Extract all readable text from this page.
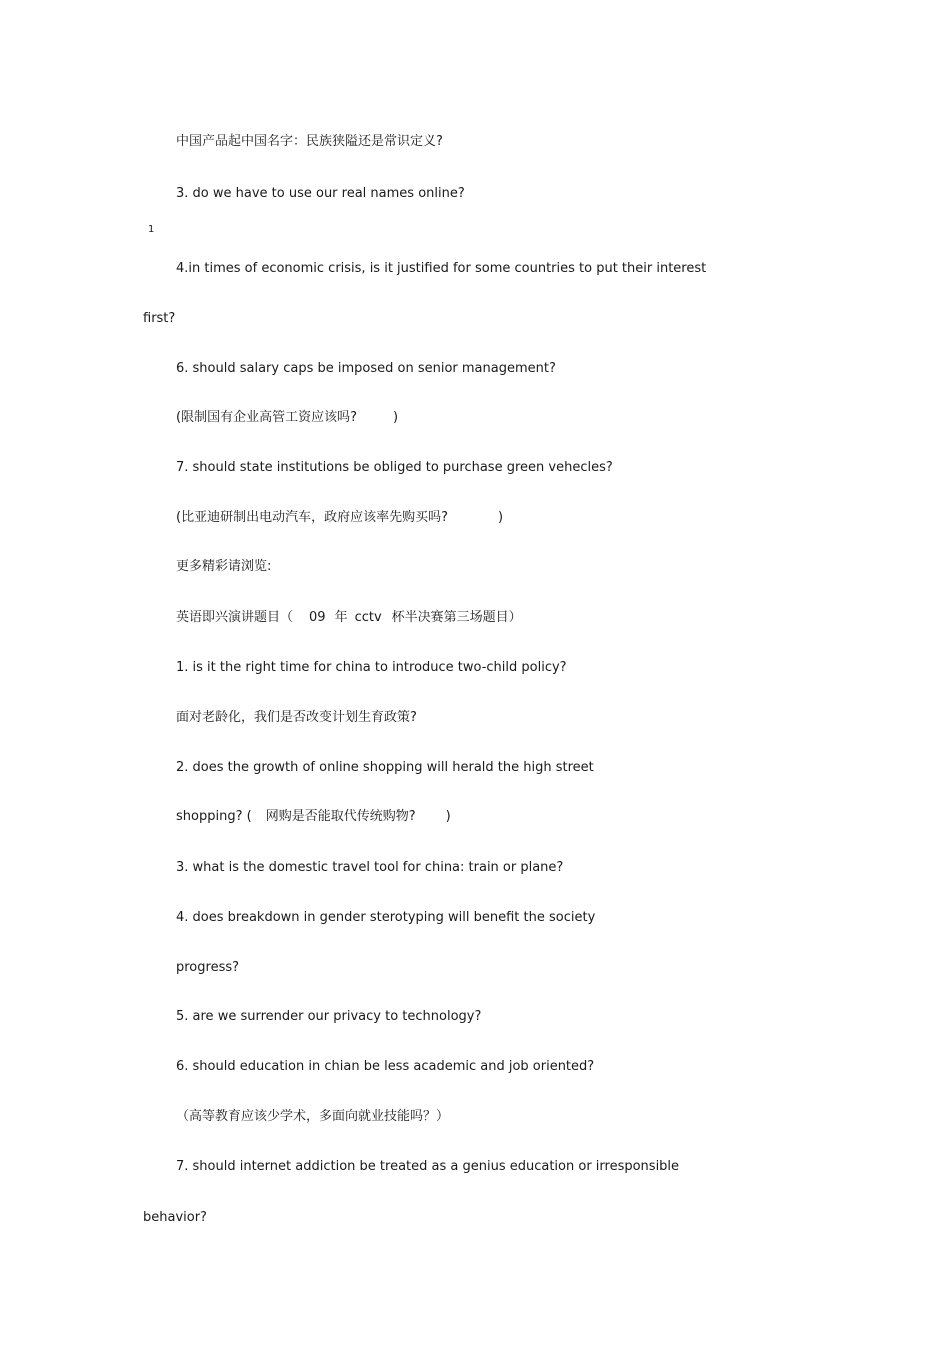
中国产品起中国名字：民族狭隘还是常识定义?
3. do we have to use our real names online?
1
4.in times of economic crisis, is it justified for some countries to put their interest
first?
6. should salary caps be imposed on senior management?
(限制国有企业高管工资应该吗?	)
7. should state institutions be obliged to purchase green vehecles?
(比亚迪研制出电动汽车，政府应该率先购买吗?	)
更多精彩请浏览:
英语即兴演讲题目（ 09 年 cctv 杯半决赛第三场题目）
1. is it the right time for china to introduce two-child policy?
面对老龄化，我们是否改变计划生育政策?
2. does the growth of online shopping will herald the high street
shopping? ( 网购是否能取代传统购物? )
3. what is the domestic travel tool for china: train or plane?
4. does breakdown in gender sterotyping will benefit the society
progress?
5. are we surrender our privacy to technology?
6. should education in chian be less academic and job oriented?
（高等教育应该少学术，多面向就业技能吗？）
7. should internet addiction be treated as a genius education or irresponsible
behavior?
